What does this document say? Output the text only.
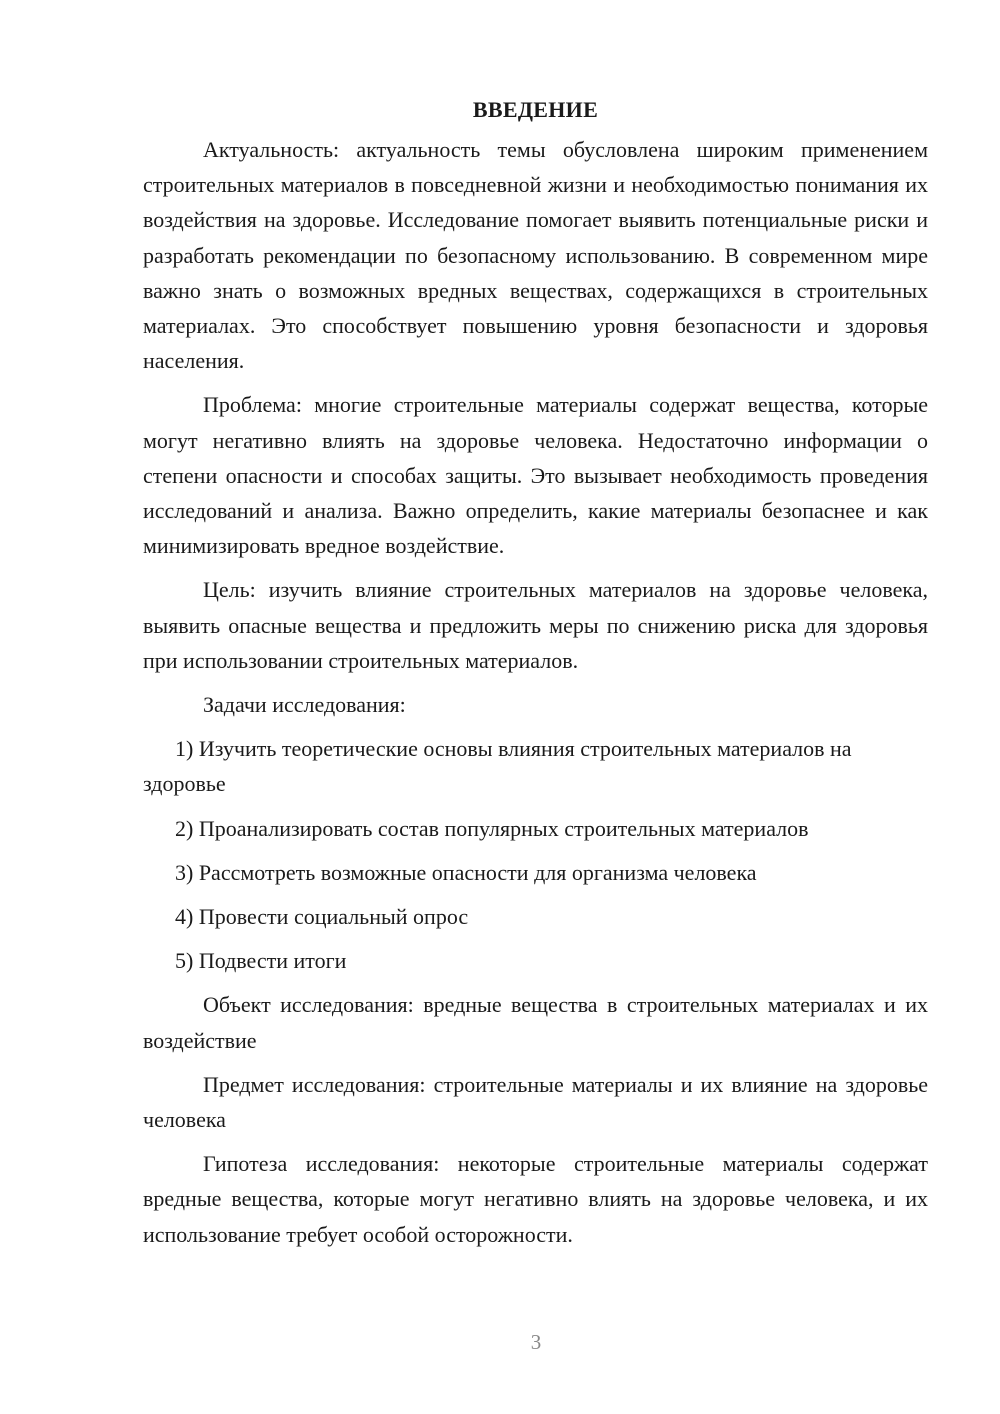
ВВЕДЕНИЕ

Актуальность: актуальность темы обусловлена широким применением строительных материалов в повседневной жизни и необходимостью понимания их воздействия на здоровье. Исследование помогает выявить потенциальные риски и разработать рекомендации по безопасному использованию. В современном мире важно знать о возможных вредных веществах, содержащихся в строительных материалах. Это способствует повышению уровня безопасности и здоровья населения.

Проблема: многие строительные материалы содержат вещества, которые могут негативно влиять на здоровье человека. Недостаточно информации о степени опасности и способах защиты. Это вызывает необходимость проведения исследований и анализа. Важно определить, какие материалы безопаснее и как минимизировать вредное воздействие.

Цель: изучить влияние строительных материалов на здоровье человека, выявить опасные вещества и предложить меры по снижению риска для здоровья при использовании строительных материалов.

Задачи исследования:

1) Изучить теоретические основы влияния строительных материалов на здоровье

2) Проанализировать состав популярных строительных материалов

3) Рассмотреть возможные опасности для организма человека

4) Провести социальный опрос

5) Подвести итоги

Объект исследования: вредные вещества в строительных материалах и их воздействие

Предмет исследования: строительные материалы и их влияние на здоровье человека

Гипотеза исследования: некоторые строительные материалы содержат вредные вещества, которые могут негативно влиять на здоровье человека, и их использование требует особой осторожности.

3
